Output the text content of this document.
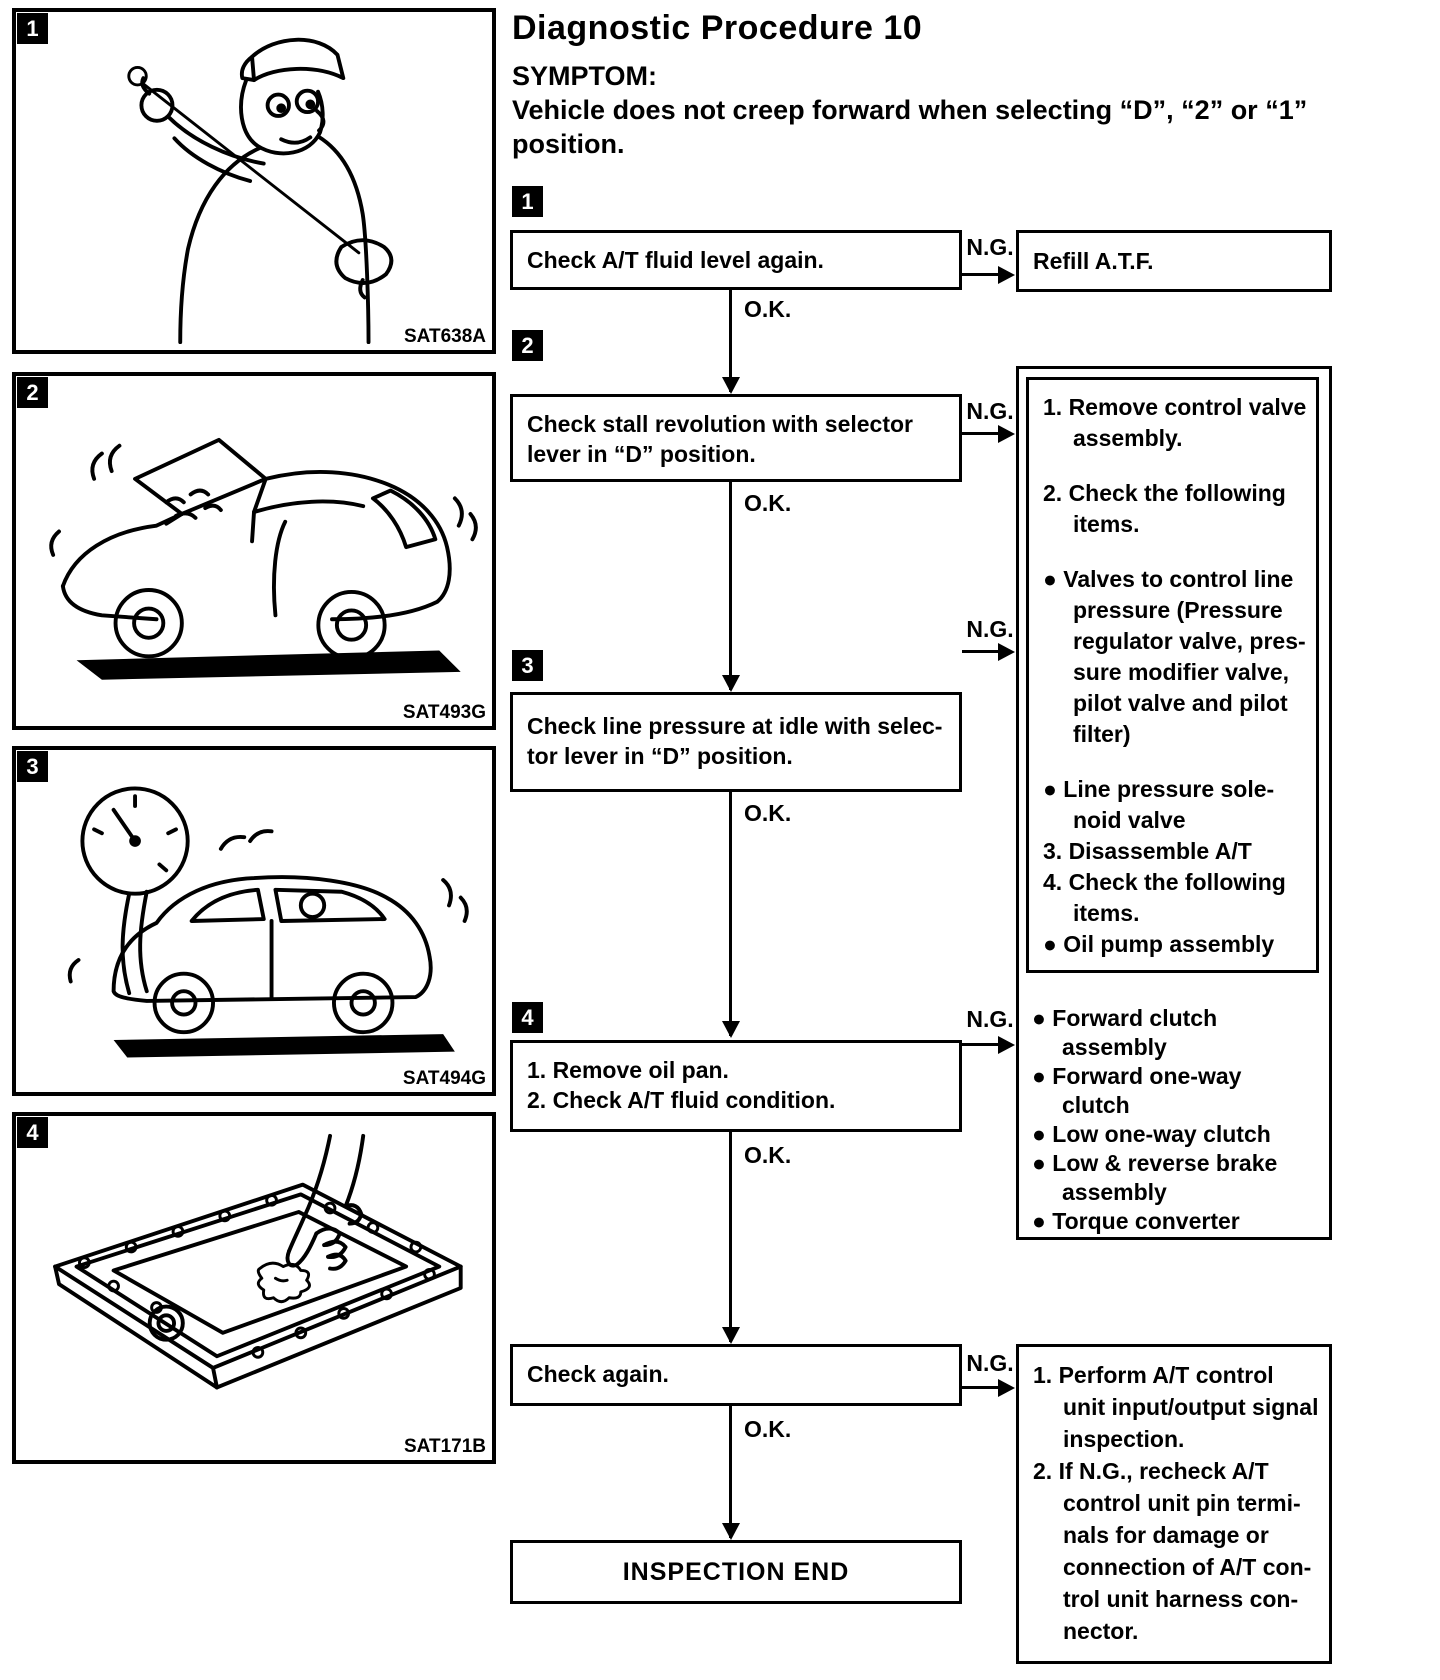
1
SAT638A
2
SAT493G
3
SAT494G
4
SAT171B
Diagnostic Procedure 10
SYMPTOM:
Vehicle does not creep forward when selecting “D”, “2” or “1”
position.
1
Check A/T fluid level again.	N.G.
Refill A.T.F.
O.K.
2
Check stall revolution with selector
lever in “D” position.
N.G.
O.K.
3
Check line pressure at idle with selec-
tor lever in “D” position.
N.G.
O.K.
1. Remove control valve
assembly.
2. Check the following
items.
● Valves to control line
pressure (Pressure
regulator valve, pres-
sure modifier valve,
pilot valve and pilot
filter)
● Line pressure sole-
noid valve
3. Disassemble A/T
4. Check the following
items.
● Oil pump assembly
● Forward clutch
assembly
● Forward one-way
clutch
● Low one-way clutch
● Low & reverse brake
assembly
● Torque converter
4
1. Remove oil pan.
2. Check A/T fluid condition.
N.G.
O.K.
Check again.	N.G. 1. Perform A/T control
unit input/output signal
inspection.
2. If N.G., recheck A/T
control unit pin termi-
nals for damage or
connection of A/T con-
trol unit harness con-
nector.
O.K.
INSPECTION END
